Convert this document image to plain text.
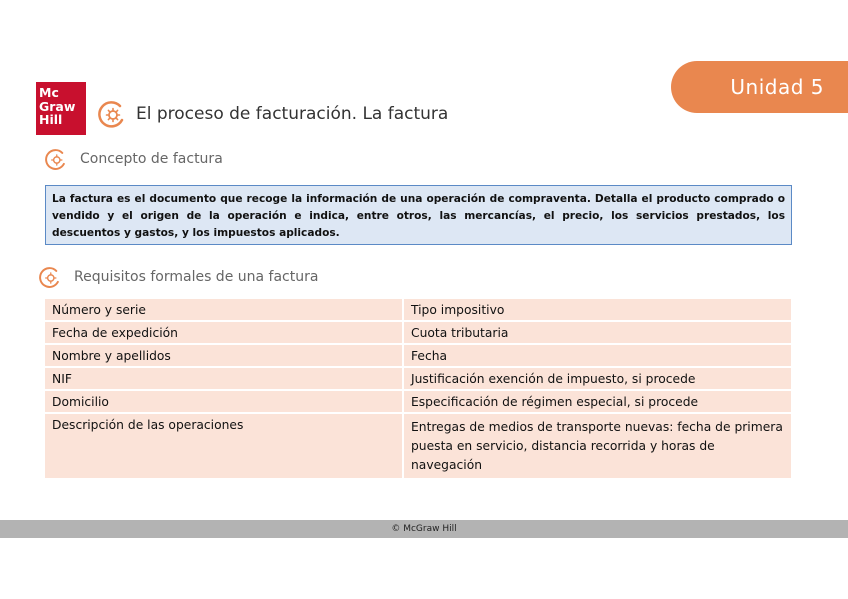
Unidad 5
Mc
Graw
Hill	El proceso de facturación. La factura
Concepto de factura
La factura es el documento que recoge la información de una operación de compraventa. Detalla el producto comprado o vendido y el origen de la operación e indica, entre otros, las mercancías, el precio, los servicios prestados, los descuentos y gastos, y los impuestos aplicados.
Requisitos formales de una factura
Número y serie	Tipo impositivo
Fecha de expedición	Cuota tributaria
Nombre y apellidos	Fecha
NIF	Justificación exención de impuesto, si procede
Domicilio	Especificación de régimen especial, si procede
Descripción de las operaciones	Entregas de medios de transporte nuevas: fecha de primera puesta en servicio, distancia recorrida y horas de navegación
© McGraw Hill
